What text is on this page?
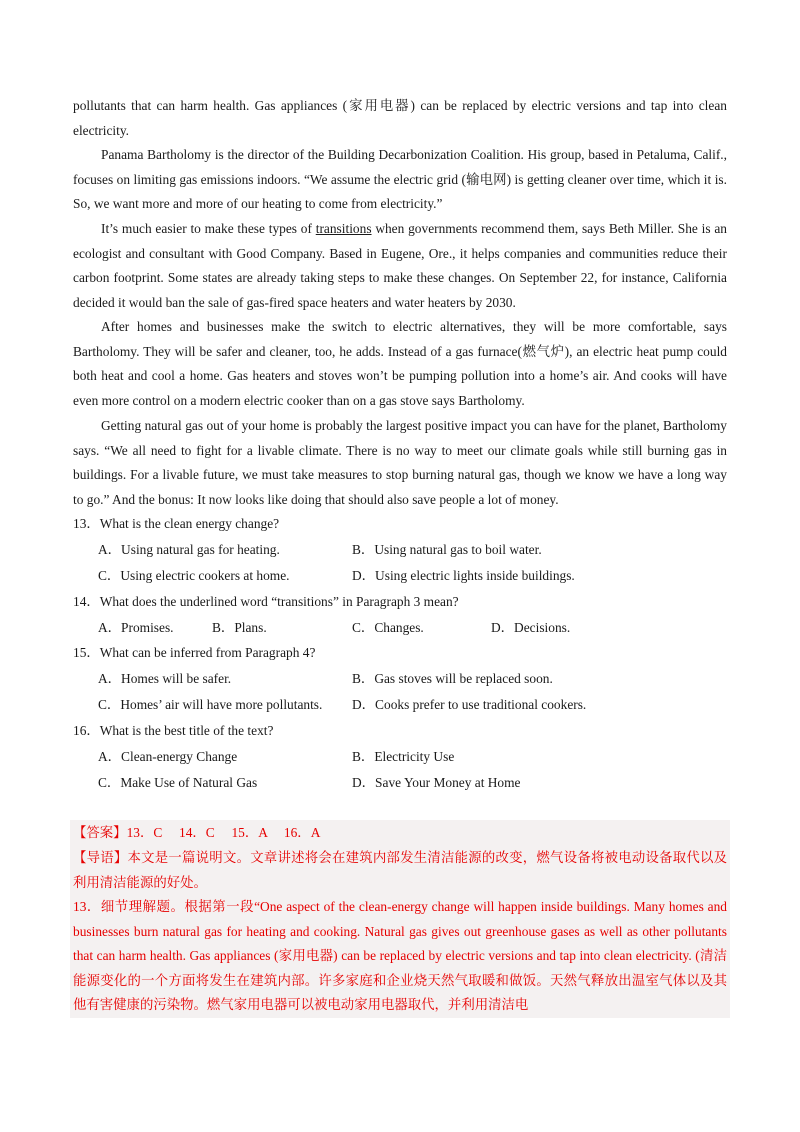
pollutants that can harm health. Gas appliances (家用电器) can be replaced by electric versions and tap into clean electricity.

Panama Bartholomy is the director of the Building Decarbonization Coalition. His group, based in Petaluma, Calif., focuses on limiting gas emissions indoors. “We assume the electric grid (输电网) is getting cleaner over time, which it is. So, we want more and more of our heating to come from electricity.”

It’s much easier to make these types of transitions when governments recommend them, says Beth Miller. She is an ecologist and consultant with Good Company. Based in Eugene, Ore., it helps companies and communities reduce their carbon footprint. Some states are already taking steps to make these changes. On September 22, for instance, California decided it would ban the sale of gas-fired space heaters and water heaters by 2030.

After homes and businesses make the switch to electric alternatives, they will be more comfortable, says Bartholomy. They will be safer and cleaner, too, he adds. Instead of a gas furnace(燃气炉), an electric heat pump could both heat and cool a home. Gas heaters and stoves won’t be pumping pollution into a home’s air. And cooks will have even more control on a modern electric cooker than on a gas stove says Bartholomy.

Getting natural gas out of your home is probably the largest positive impact you can have for the planet, Bartholomy says. “We all need to fight for a livable climate. There is no way to meet our climate goals while still burning gas in buildings. For a livable future, we must take measures to stop burning natural gas, though we know we have a long way to go.” And the bonus: It now looks like doing that should also save people a lot of money.

13．What is the clean energy change?
A．Using natural gas for heating.	B．Using natural gas to boil water.
C．Using electric cookers at home.	D．Using electric lights inside buildings.
14．What does the underlined word “transitions” in Paragraph 3 mean?
A．Promises.	B．Plans.	C．Changes.	D．Decisions.
15．What can be inferred from Paragraph 4?
A．Homes will be safer.	B．Gas stoves will be replaced soon.
C．Homes’ air will have more pollutants. D．Cooks prefer to use traditional cookers.
16．What is the best title of the text?
A．Clean-energy Change	B．Electricity Use
C．Make Use of Natural Gas	D．Save Your Money at Home

【答案】13．C     14．C     15．A     16．A

【导语】本文是一篇说明文。文章讲述将会在建筑内部发生清洁能源的改变，燃气设备将被电动设备取代以及利用清洁能源的好处。

13．细节理解题。根据第一段“One aspect of the clean-energy change will happen inside buildings. Many homes and businesses burn natural gas for heating and cooking. Natural gas gives out greenhouse gases as well as other pollutants that can harm health. Gas appliances (家用电器) can be replaced by electric versions and tap into clean electricity. (清洁能源变化的一个方面将发生在建筑内部。许多家庭和企业烧天然气取暖和做饭。天然气释放出温室气体以及其他有害健康的污染物。燃气家用电器可以被电动家用电器取代，并利用清洁电
